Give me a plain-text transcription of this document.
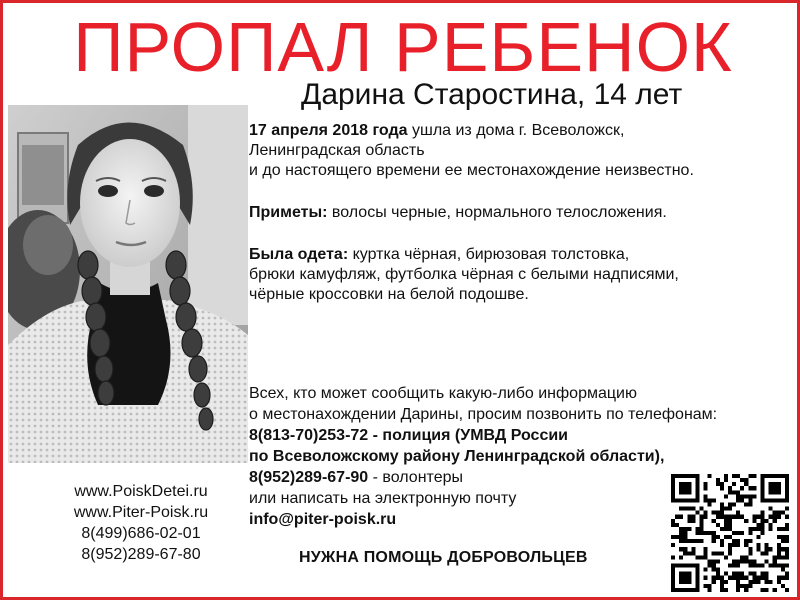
ПРОПАЛ РЕБЕНОК
Дарина Старостина, 14 лет

17 апреля 2018 года ушла из дома г. Всеволожск,

Ленинградская область

и до настоящего времени ее местонахождение неизвестно.

Приметы: волосы черные, нормального телосложения.

Была одета: куртка чёрная, бирюзовая толстовка,

брюки камуфляж, футболка чёрная с белыми надписями,

чёрные кроссовки на белой подошве.

Всех, кто может сообщить какую-либо информацию

о местонахождении Дарины, просим позвонить по телефонам:

8(813-70)253-72 - полиция (УМВД России

по Всеволожскому району Ленинградской области),

8(952)289-67-90 - волонтеры

или написать на электронную почту

info@piter-poisk.ru

www.PoiskDetei.ru
www.Piter-Poisk.ru
8(499)686-02-01
8(952)289-67-80	НУЖНА ПОМОЩЬ ДОБРОВОЛЬЦЕВ
